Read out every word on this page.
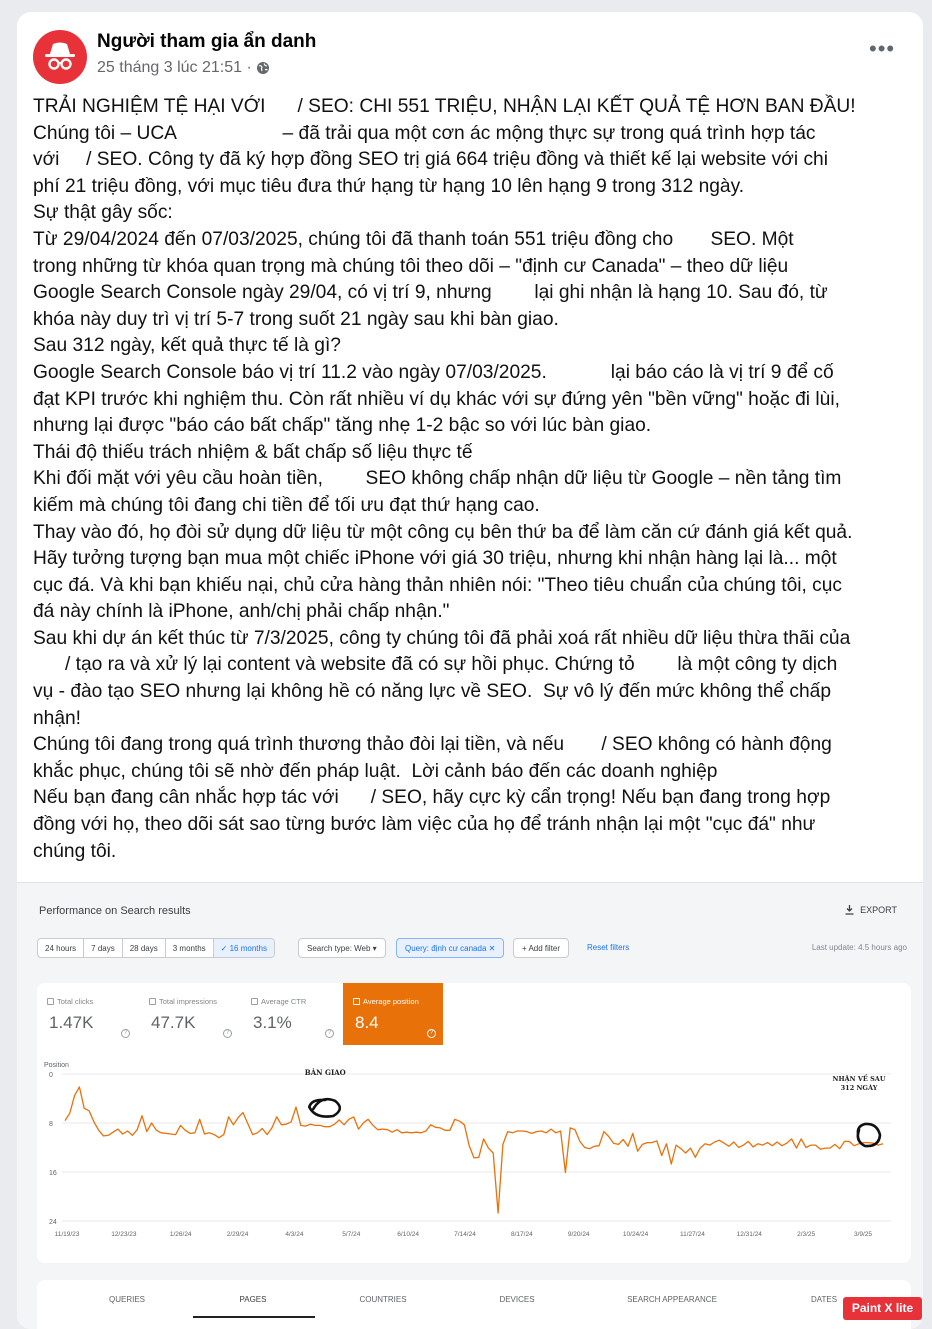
Người tham gia ẩn danh
25 tháng 3 lúc 21:51 ·
•••
TRẢI NGHIỆM TỆ HẠI VỚI      / SEO: CHI 551 TRIỆU, NHẬN LẠI KẾT QUẢ TỆ HƠN BAN ĐẦU!
Chúng tôi – UCA                    – đã trải qua một cơn ác mộng thực sự trong quá trình hợp tác
với     / SEO. Công ty đã ký hợp đồng SEO trị giá 664 triệu đồng và thiết kế lại website với chi
phí 21 triệu đồng, với mục tiêu đưa thứ hạng từ hạng 10 lên hạng 9 trong 312 ngày.
Sự thật gây sốc:
Từ 29/04/2024 đến 07/03/2025, chúng tôi đã thanh toán 551 triệu đồng cho       SEO. Một
trong những từ khóa quan trọng mà chúng tôi theo dõi – "định cư Canada" – theo dữ liệu
Google Search Console ngày 29/04, có vị trí 9, nhưng        lại ghi nhận là hạng 10. Sau đó, từ
khóa này duy trì vị trí 5-7 trong suốt 21 ngày sau khi bàn giao.
Sau 312 ngày, kết quả thực tế là gì?
Google Search Console báo vị trí 11.2 vào ngày 07/03/2025.            lại báo cáo là vị trí 9 để cố
đạt KPI trước khi nghiệm thu. Còn rất nhiều ví dụ khác với sự đứng yên "bền vững" hoặc đi lùi,
nhưng lại được "báo cáo bất chấp" tăng nhẹ 1-2 bậc so với lúc bàn giao.
Thái độ thiếu trách nhiệm & bất chấp số liệu thực tế
Khi đối mặt với yêu cầu hoàn tiền,        SEO không chấp nhận dữ liệu từ Google – nền tảng tìm
kiếm mà chúng tôi đang chi tiền để tối ưu đạt thứ hạng cao.
Thay vào đó, họ đòi sử dụng dữ liệu từ một công cụ bên thứ ba để làm căn cứ đánh giá kết quả.
Hãy tưởng tượng bạn mua một chiếc iPhone với giá 30 triệu, nhưng khi nhận hàng lại là... một
cục đá. Và khi bạn khiếu nại, chủ cửa hàng thản nhiên nói: "Theo tiêu chuẩn của chúng tôi, cục
đá này chính là iPhone, anh/chị phải chấp nhận."
Sau khi dự án kết thúc từ 7/3/2025, công ty chúng tôi đã phải xoá rất nhiều dữ liệu thừa thãi của
/ tạo ra và xử lý lại content và website đã có sự hồi phục. Chứng tỏ        là một công ty dịch
vụ - đào tạo SEO nhưng lại không hề có năng lực về SEO.  Sự vô lý đến mức không thể chấp
nhận!
Chúng tôi đang trong quá trình thương thảo đòi lại tiền, và nếu       / SEO không có hành động
khắc phục, chúng tôi sẽ nhờ đến pháp luật.  Lời cảnh báo đến các doanh nghiệp
Nếu bạn đang cân nhắc hợp tác với      / SEO, hãy cực kỳ cẩn trọng! Nếu bạn đang trong hợp
đồng với họ, theo dõi sát sao từng bước làm việc của họ để tránh nhận lại một "cục đá" như
chúng tôi.
Performance on Search results	EXPORT
24 hours	7 days	28 days	3 months	✓ 16 months	Search type: Web ▾	Query: định cư canada ✕	+ Add filter	Reset filters	Last update: 4.5 hours ago
Total clicks
1.47K
?
Total impressions
47.7K
?
Average CTR
3.1%
?
Average position
8.4
?
Position
0
8
16
24
11/19/23	12/23/23	1/26/24	2/29/24	4/3/24	5/7/24	6/10/24	7/14/24	8/17/24	9/20/24	10/24/24	11/27/24	12/31/24	2/3/25	3/9/25
BÀN GIAO
NHẬN VỀ SAU
312 NGÀY
QUERIES	PAGES	COUNTRIES	DEVICES	SEARCH APPEARANCE	DATES
Paint X lite
